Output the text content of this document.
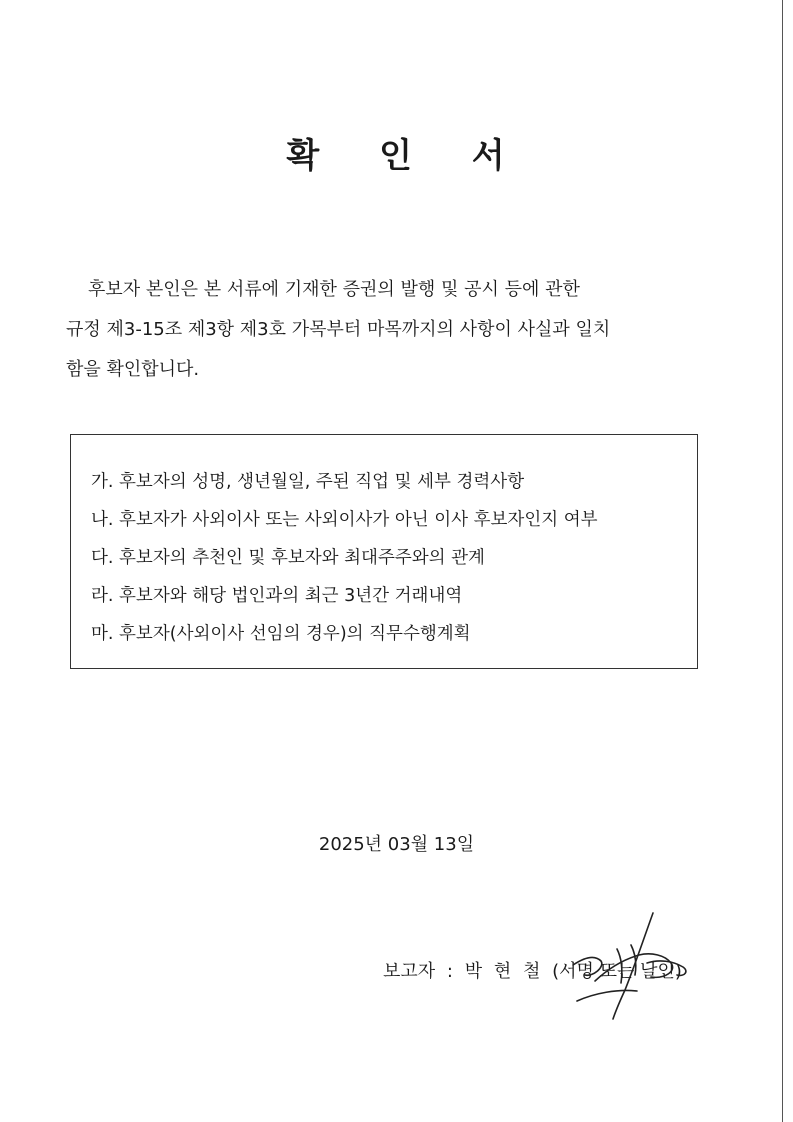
확 인 서

후보자 본인은 본 서류에 기재한 증권의 발행 및 공시 등에 관한
규정 제3-15조 제3항 제3호 가목부터 마목까지의 사항이 사실과 일치
함을 확인합니다.

가. 후보자의 성명, 생년월일, 주된 직업 및 세부 경력사항
나. 후보자가 사외이사 또는 사외이사가 아닌 이사 후보자인지 여부
다. 후보자의 추천인 및 후보자와 최대주주와의 관계
라. 후보자와 해당 법인과의 최근 3년간 거래내역
마. 후보자(사외이사 선임의 경우)의 직무수행계획
2025년 03월 13일
보고자 : 박 현 철 (서명 또는 날인)
